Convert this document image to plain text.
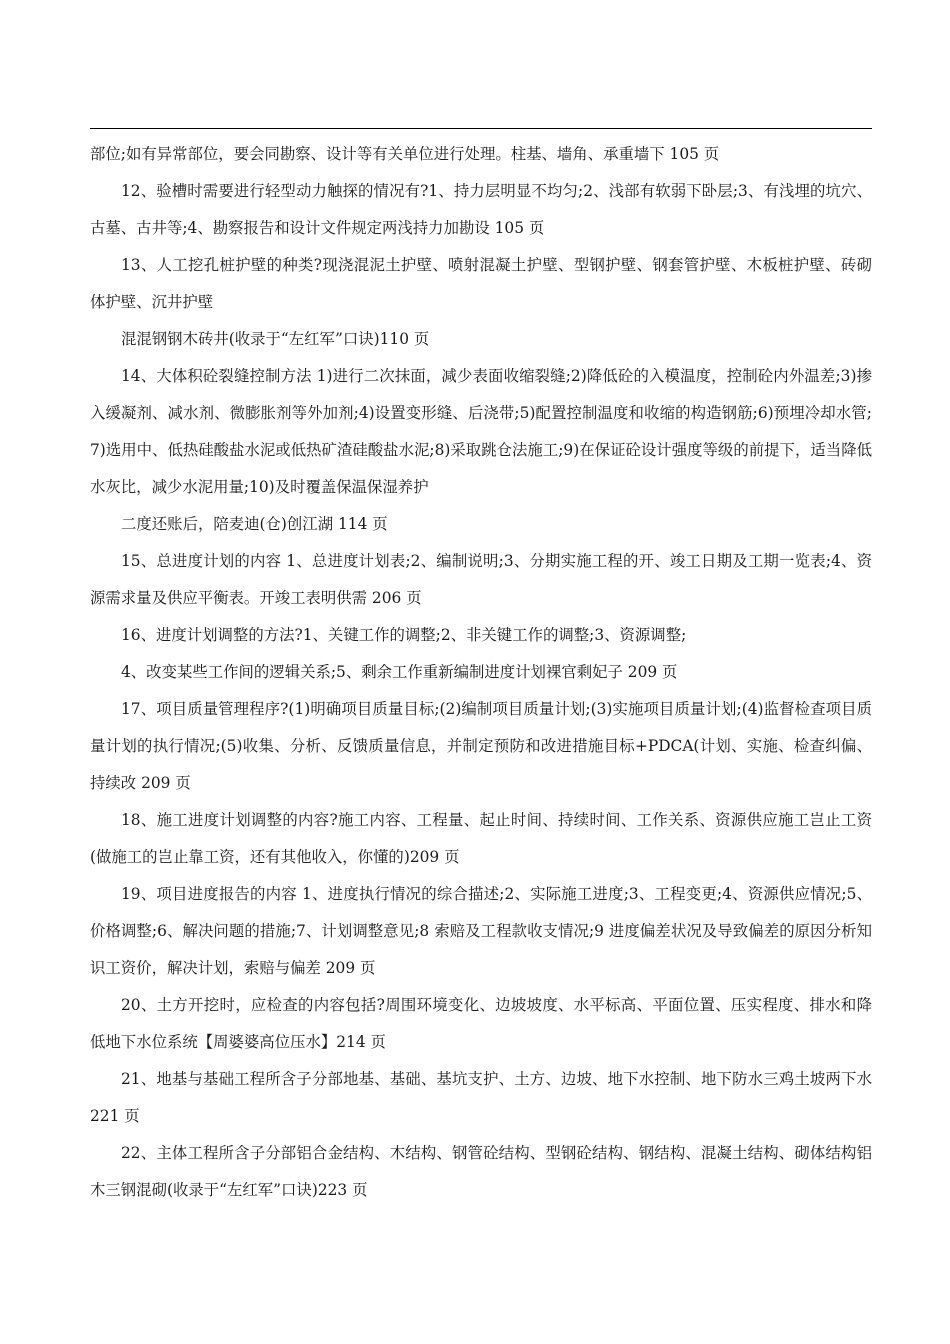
部位;如有异常部位，要会同勘察、设计等有关单位进行处理。柱基、墙角、承重墙下 105 页

12、验槽时需要进行轻型动力触探的情况有?1、持力层明显不均匀;2、浅部有软弱下卧层;3、有浅埋的坑穴、古墓、古井等;4、勘察报告和设计文件规定两浅持力加勘设 105 页

13、人工挖孔桩护壁的种类?现浇混泥土护壁、喷射混凝土护壁、型钢护壁、钢套管护壁、木板桩护壁、砖砌体护壁、沉井护壁

混混钢钢木砖井(收录于“左红军”口诀)110 页

14、大体积砼裂缝控制方法 1)进行二次抹面，减少表面收缩裂缝;2)降低砼的入模温度，控制砼内外温差;3)掺入缓凝剂、减水剂、微膨胀剂等外加剂;4)设置变形缝、后浇带;5)配置控制温度和收缩的构造钢筋;6)预埋冷却水管;7)选用中、低热硅酸盐水泥或低热矿渣硅酸盐水泥;8)采取跳仓法施工;9)在保证砼设计强度等级的前提下，适当降低水灰比，减少水泥用量;10)及时覆盖保温保湿养护

二度还账后，陪麦迪(仓)创江湖 114 页

15、总进度计划的内容 1、总进度计划表;2、编制说明;3、分期实施工程的开、竣工日期及工期一览表;4、资源需求量及供应平衡表。开竣工表明供需 206 页

16、进度计划调整的方法?1、关键工作的调整;2、非关键工作的调整;3、资源调整;

4、改变某些工作间的逻辑关系;5、剩余工作重新编制进度计划裸官剩妃子 209 页

17、项目质量管理程序?(1)明确项目质量目标;(2)编制项目质量计划;(3)实施项目质量计划;(4)监督检查项目质量计划的执行情况;(5)收集、分析、反馈质量信息，并制定预防和改进措施目标+PDCA(计划、实施、检查纠偏、持续改 209 页

18、施工进度计划调整的内容?施工内容、工程量、起止时间、持续时间、工作关系、资源供应施工岂止工资(做施工的岂止靠工资，还有其他收入，你懂的)209 页

19、项目进度报告的内容 1、进度执行情况的综合描述;2、实际施工进度;3、工程变更;4、资源供应情况;5、价格调整;6、解决问题的措施;7、计划调整意见;8 索赔及工程款收支情况;9 进度偏差状况及导致偏差的原因分析知识工资价，解决计划，索赔与偏差 209 页

20、土方开挖时，应检查的内容包括?周围环境变化、边坡坡度、水平标高、平面位置、压实程度、排水和降低地下水位系统【周婆婆高位压水】214 页

21、地基与基础工程所含子分部地基、基础、基坑支护、土方、边坡、地下水控制、地下防水三鸡土坡两下水 221 页

22、主体工程所含子分部铝合金结构、木结构、钢管砼结构、型钢砼结构、钢结构、混凝土结构、砌体结构铝木三钢混砌(收录于“左红军”口诀)223 页
